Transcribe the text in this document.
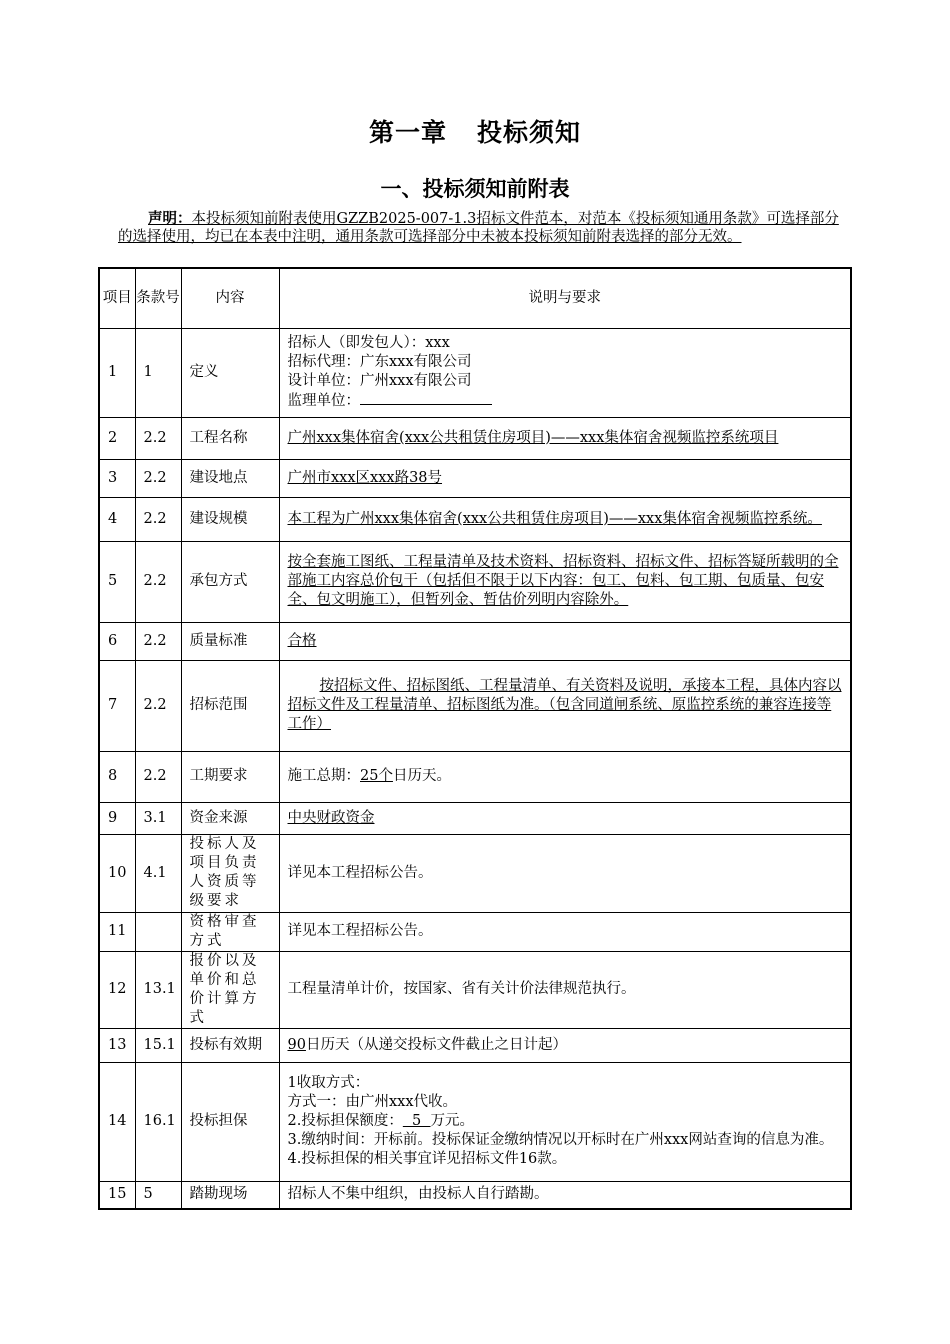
第一章 投标须知
一、投标须知前附表
声明：本投标须知前附表使用GZZB2025-007-1.3招标文件范本，对范本《投标须知通用条款》可选择部分的选择使用，均已在本表中注明，通用条款可选择部分中未被本投标须知前附表选择的部分无效。
项目	条款号	内容	说明与要求
1	1	定义	招标人（即发包人）：xxx
招标代理：广东xxx有限公司
设计单位：广州xxx有限公司
监理单位：

2	2.2	工程名称	广州xxx集体宿舍(xxx公共租赁住房项目)——xxx集体宿舍视频监控系统项目
3	2.2	建设地点	广州市xxx区xxx路38号
4	2.2	建设规模	本工程为广州xxx集体宿舍(xxx公共租赁住房项目)——xxx集体宿舍视频监控系统。
5	2.2	承包方式	按全套施工图纸、工程量清单及技术资料、招标资料、招标文件、招标答疑所载明的全部施工内容总价包干（包括但不限于以下内容：包工、包料、包工期、包质量、包安全、包文明施工），但暂列金、暂估价列明内容除外。
6	2.2	质量标准	合格
7	2.2	招标范围	按招标文件、招标图纸、工程量清单、有关资料及说明，承接本工程，具体内容以招标文件及工程量清单、招标图纸为准。（包含同道闸系统、原监控系统的兼容连接等工作）
8	2.2	工期要求	施工总期：25个日历天。
9	3.1	资金来源	中央财政资金
10	4.1	投标人及项目负责人资质等级要求	详见本工程招标公告。
11		资格审查方式	详见本工程招标公告。
12	13.1	报价以及单价和总价计算方式	工程量清单计价，按国家、省有关计价法律规范执行。
13	15.1	投标有效期	90日历天（从递交投标文件截止之日计起）
14	16.1	投标担保	1收取方式：
方式一：由广州xxx代收。
2.投标担保额度：  5  万元。
3.缴纳时间：开标前。投标保证金缴纳情况以开标时在广州xxx网站查询的信息为准。
4.投标担保的相关事宜详见招标文件16款。

15	5	踏勘现场	招标人不集中组织，由投标人自行踏勘。
